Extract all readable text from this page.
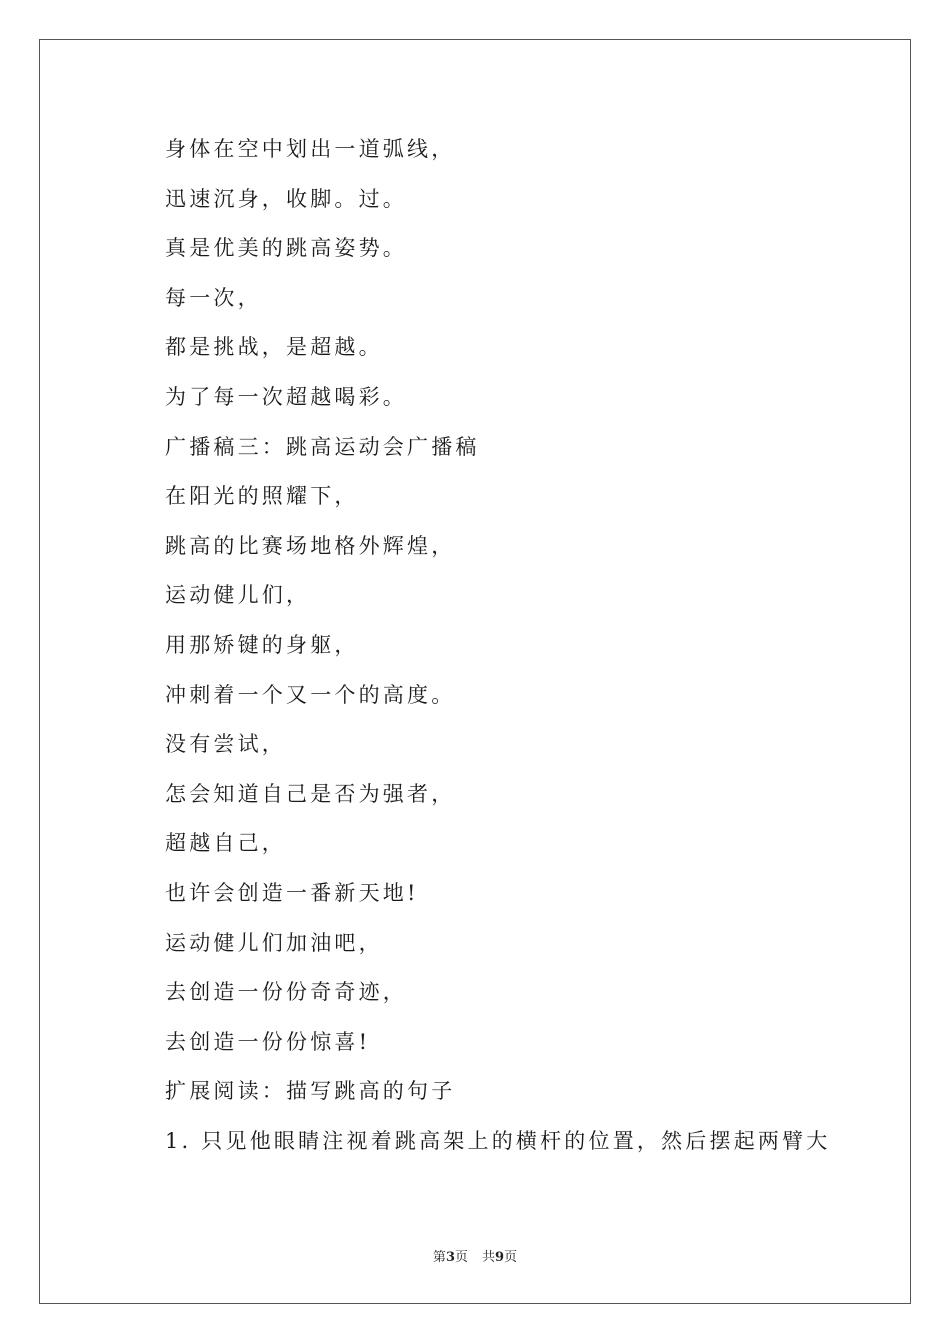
身体在空中划出一道弧线，
迅速沉身，收脚。过。
真是优美的跳高姿势。
每一次，
都是挑战，是超越。
为了每一次超越喝彩。
广播稿三：跳高运动会广播稿
在阳光的照耀下，
跳高的比赛场地格外辉煌，
运动健儿们，
用那矫键的身躯，
冲刺着一个又一个的高度。
没有尝试，
怎会知道自己是否为强者，
超越自己，
也许会创造一番新天地!
运动健儿们加油吧，
去创造一份份奇奇迹，
去创造一份份惊喜!
扩展阅读：描写跳高的句子
1. 只见他眼睛注视着跳高架上的横杆的位置，然后摆起两臂大
第3页 共9页
